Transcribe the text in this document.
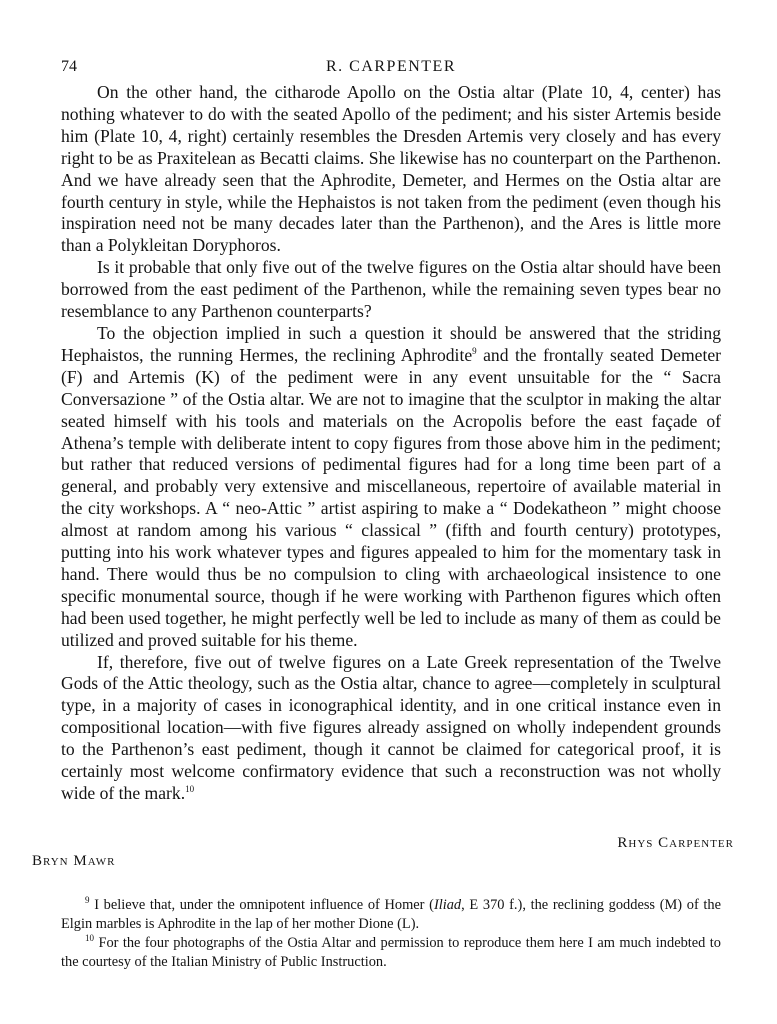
74	R. CARPENTER

On the other hand, the citharode Apollo on the Ostia altar (Plate 10, 4, center) has nothing whatever to do with the seated Apollo of the pediment; and his sister Artemis beside him (Plate 10, 4, right) certainly resembles the Dresden Artemis very closely and has every right to be as Praxitelean as Becatti claims. She likewise has no counterpart on the Parthenon. And we have already seen that the Aphrodite, Demeter, and Hermes on the Ostia altar are fourth century in style, while the Hephaistos is not taken from the pediment (even though his inspiration need not be many decades later than the Parthenon), and the Ares is little more than a Polykleitan Doryphoros.

Is it probable that only five out of the twelve figures on the Ostia altar should have been borrowed from the east pediment of the Parthenon, while the remaining seven types bear no resemblance to any Parthenon counterparts?

To the objection implied in such a question it should be answered that the striding Hephaistos, the running Hermes, the reclining Aphrodite$^9$ and the frontally seated Demeter (F) and Artemis (K) of the pediment were in any event unsuitable for the “ Sacra Conversazione ” of the Ostia altar. We are not to imagine that the sculptor in making the altar seated himself with his tools and materials on the Acropolis before the east façade of Athena’s temple with deliberate intent to copy figures from those above him in the pediment; but rather that reduced versions of pedimental figures had for a long time been part of a general, and probably very extensive and miscellaneous, repertoire of available material in the city workshops. A “ neo-Attic ” artist aspiring to make a “ Dodekatheon ” might choose almost at random among his various “ classical ” (fifth and fourth century) prototypes, putting into his work whatever types and figures appealed to him for the momentary task in hand. There would thus be no compulsion to cling with archaeological insistence to one specific monumental source, though if he were working with Parthenon figures which often had been used together, he might perfectly well be led to include as many of them as could be utilized and proved suitable for his theme.

If, therefore, five out of twelve figures on a Late Greek representation of the Twelve Gods of the Attic theology, such as the Ostia altar, chance to agree—completely in sculptural type, in a majority of cases in iconographical identity, and in one critical instance even in compositional location—with five figures already assigned on wholly independent grounds to the Parthenon’s east pediment, though it cannot be claimed for categorical proof, it is certainly most welcome confirmatory evidence that such a reconstruction was not wholly wide of the mark.$^{10}$

Rhys Carpenter
Bryn Mawr

$^9$ I believe that, under the omnipotent influence of Homer (Iliad, E 370 f.), the reclining goddess (M) of the Elgin marbles is Aphrodite in the lap of her mother Dione (L).

$^{10}$ For the four photographs of the Ostia Altar and permission to reproduce them here I am much indebted to the courtesy of the Italian Ministry of Public Instruction.
